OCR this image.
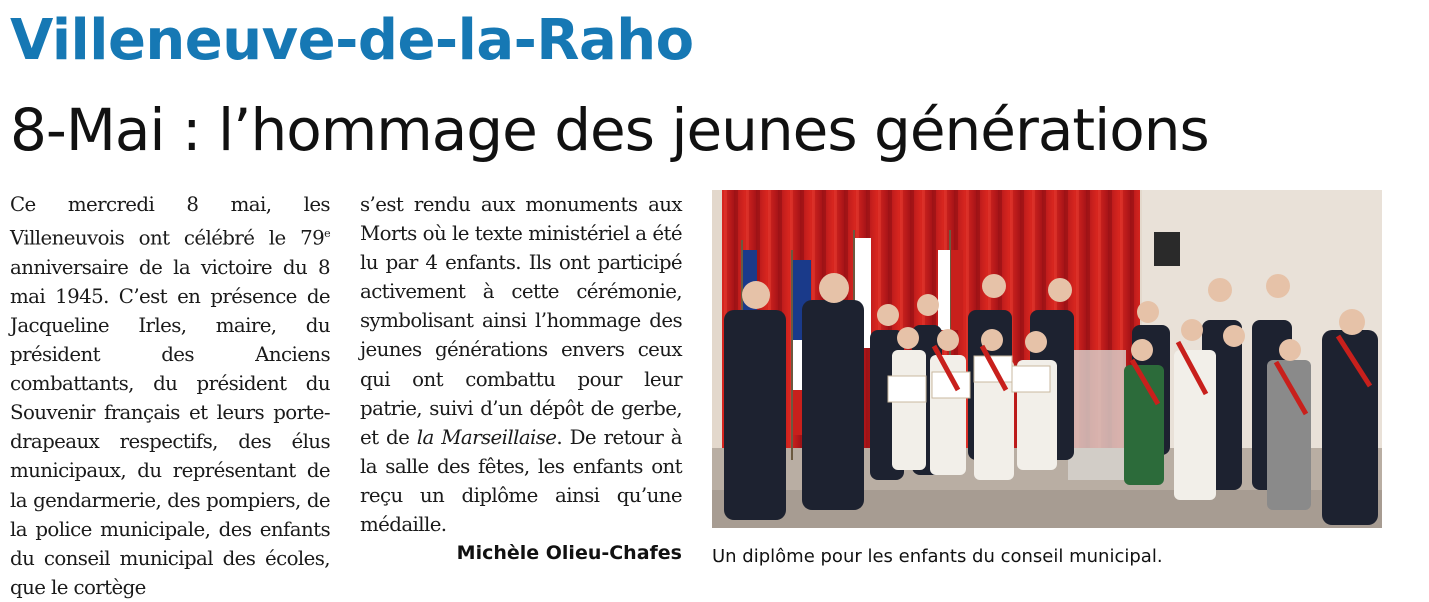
Villeneuve-de-la-Raho
8-Mai : l’hommage des jeunes générations

Ce mercredi 8 mai, les Villeneuvois ont célébré le 79e anniversaire de la victoire du 8 mai 1945. C’est en présence de Jacqueline Irles, maire, du président des Anciens combattants, du président du Souvenir français et leurs porte-drapeaux respectifs, des élus municipaux, du représentant de la gendarmerie, des pompiers, de la police municipale, des enfants du conseil municipal des écoles, que le cortège

s’est rendu aux monuments aux Morts où le texte ministériel a été lu par 4 enfants. Ils ont participé activement à cette cérémonie, symbolisant ainsi l’hommage des jeunes générations envers ceux qui ont combattu pour leur patrie, suivi d’un dépôt de gerbe, et de la Marseillaise. De retour à la salle des fêtes, les enfants ont reçu un diplôme ainsi qu’une médaille.

Michèle Olieu-Chafes Un diplôme pour les enfants du conseil municipal.
